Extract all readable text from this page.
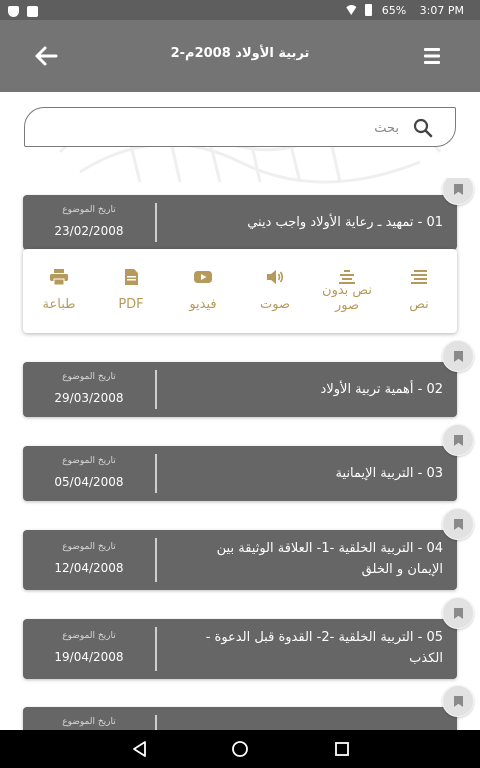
65% 3:07 PM
2-تربية الأولاد 2008م
بحث
01 - تمهيد ـ رعاية الأولاد واجب ديني
تاريخ الموضوع
23/02/2008
نص
نص بدون صور
صوت
فيديو
PDF
طباعة
02 - أهمية تربية الأولاد
تاريخ الموضوع
29/03/2008
03 - التربية الإيمانية
تاريخ الموضوع
05/04/2008
04 - التربية الخلقية -1- العلاقة الوثيقة بين الإيمان و الخلق
تاريخ الموضوع
12/04/2008
05 - التربية الخلقية -2- القدوة قبل الدعوة - الكذب
تاريخ الموضوع
19/04/2008
تاريخ الموضوع
